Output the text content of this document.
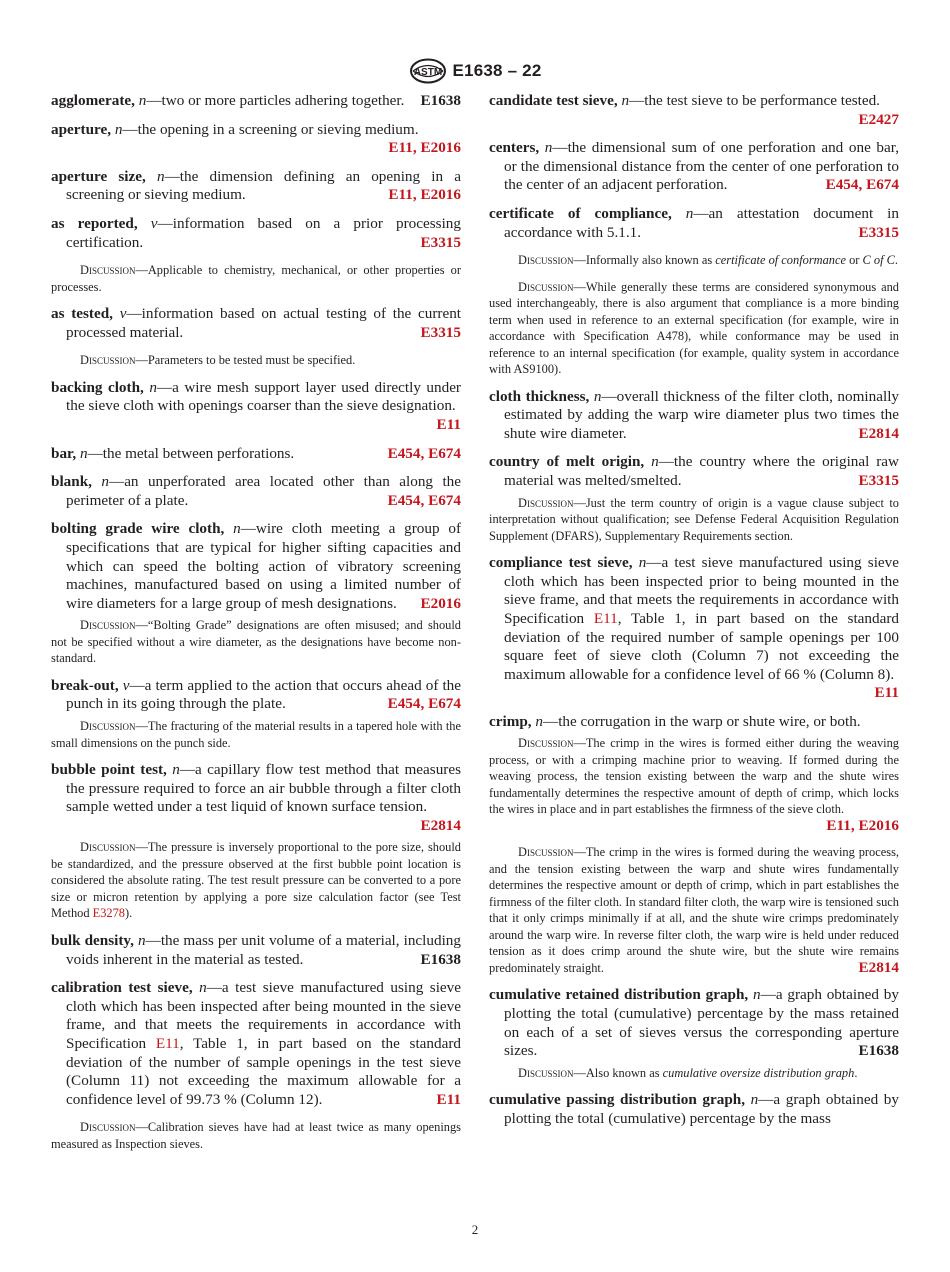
ASTM E1638 – 22
agglomerate, n—two or more particles adhering together. E1638
aperture, n—the opening in a screening or sieving medium.
E11, E2016
aperture size, n—the dimension defining an opening in a screening or sieving medium.	E11, E2016
as reported, v—information based on a prior processing certification.	E3315
Discussion—Applicable to chemistry, mechanical, or other properties or processes.
as tested, v—information based on actual testing of the current processed material.	E3315
Discussion—Parameters to be tested must be specified.
backing cloth, n—a wire mesh support layer used directly under the sieve cloth with openings coarser than the sieve designation.
E11
bar, n—the metal between perforations.	E454, E674
blank, n—an unperforated area located other than along the perimeter of a plate.	E454, E674
bolting grade wire cloth, n—wire cloth meeting a group of specifications that are typical for higher sifting capacities and which can speed the bolting action of vibratory screening machines, manufactured based on using a limited number of wire diameters for a large group of mesh designations. E2016
Discussion—“Bolting Grade” designations are often misused; and should not be specified without a wire diameter, as the designations have become non-standard.
break-out, v—a term applied to the action that occurs ahead of the punch in its going through the plate.	E454, E674
Discussion—The fracturing of the material results in a tapered hole with the small dimensions on the punch side.
bubble point test, n—a capillary flow test method that measures the pressure required to force an air bubble through a filter cloth sample wetted under a test liquid of known surface tension.
E2814
Discussion—The pressure is inversely proportional to the pore size, should be standardized, and the pressure observed at the first bubble point location is considered the absolute rating. The test result pressure can be converted to a pore size or micron retention by applying a pore size calculation factor (see Test Method E3278).
bulk density, n—the mass per unit volume of a material, including voids inherent in the material as tested.	E1638
calibration test sieve, n—a test sieve manufactured using sieve cloth which has been inspected after being mounted in the sieve frame, and that meets the requirements in accordance with Specification E11, Table 1, in part based on the standard deviation of the number of sample openings in the test sieve (Column 11) not exceeding the maximum allowable for a confidence level of 99.73 % (Column 12).	E11
Discussion—Calibration sieves have had at least twice as many openings measured as Inspection sieves.
candidate test sieve, n—the test sieve to be performance tested.
E2427
centers, n—the dimensional sum of one perforation and one bar, or the dimensional distance from the center of one perforation to the center of an adjacent perforation.	E454, E674
certificate of compliance, n—an attestation document in accordance with 5.1.1.	E3315
Discussion—Informally also known as certificate of conformance or C of C.
Discussion—While generally these terms are considered synonymous and used interchangeably, there is also argument that compliance is a more binding term when used in reference to an external specification (for example, wire in accordance with Specification A478), while conformance may be used in reference to an internal specification (for example, quality system in accordance with AS9100).
cloth thickness, n—overall thickness of the filter cloth, nominally estimated by adding the warp wire diameter plus two times the shute wire diameter.	E2814
country of melt origin, n—the country where the original raw material was melted/smelted.	E3315
Discussion—Just the term country of origin is a vague clause subject to interpretation without qualification; see Defense Federal Acquisition Regulation Supplement (DFARS), Supplementary Requirements section.
compliance test sieve, n—a test sieve manufactured using sieve cloth which has been inspected prior to being mounted in the sieve frame, and that meets the requirements in accordance with Specification E11, Table 1, in part based on the standard deviation of the required number of sample openings per 100 square feet of sieve cloth (Column 7) not exceeding the maximum allowable for a confidence level of 66 % (Column 8).
E11
crimp, n—the corrugation in the warp or shute wire, or both.
Discussion—The crimp in the wires is formed either during the weaving process, or with a crimping machine prior to weaving. If formed during the weaving process, the tension existing between the warp and the shute wires fundamentally determines the respective amount of depth of crimp, which locks the wires in place and in part establishes the firmness of the sieve cloth.
E11, E2016
Discussion—The crimp in the wires is formed during the weaving process, and the tension existing between the warp and shute wires fundamentally determines the respective amount or depth of crimp, which in part establishes the firmness of the filter cloth. In standard filter cloth, the warp wire is tensioned such that it only crimps minimally if at all, and the shute wire crimps predominately around the warp wire. In reverse filter cloth, the warp wire is held under reduced tension as it does crimp around the shute wire, but the shute wire remains predominately straight.	E2814
cumulative retained distribution graph, n—a graph obtained by plotting the total (cumulative) percentage by the mass retained on each of a set of sieves versus the corresponding aperture sizes.	E1638
Discussion—Also known as cumulative oversize distribution graph.
cumulative passing distribution graph, n—a graph obtained by plotting the total (cumulative) percentage by the mass
2
